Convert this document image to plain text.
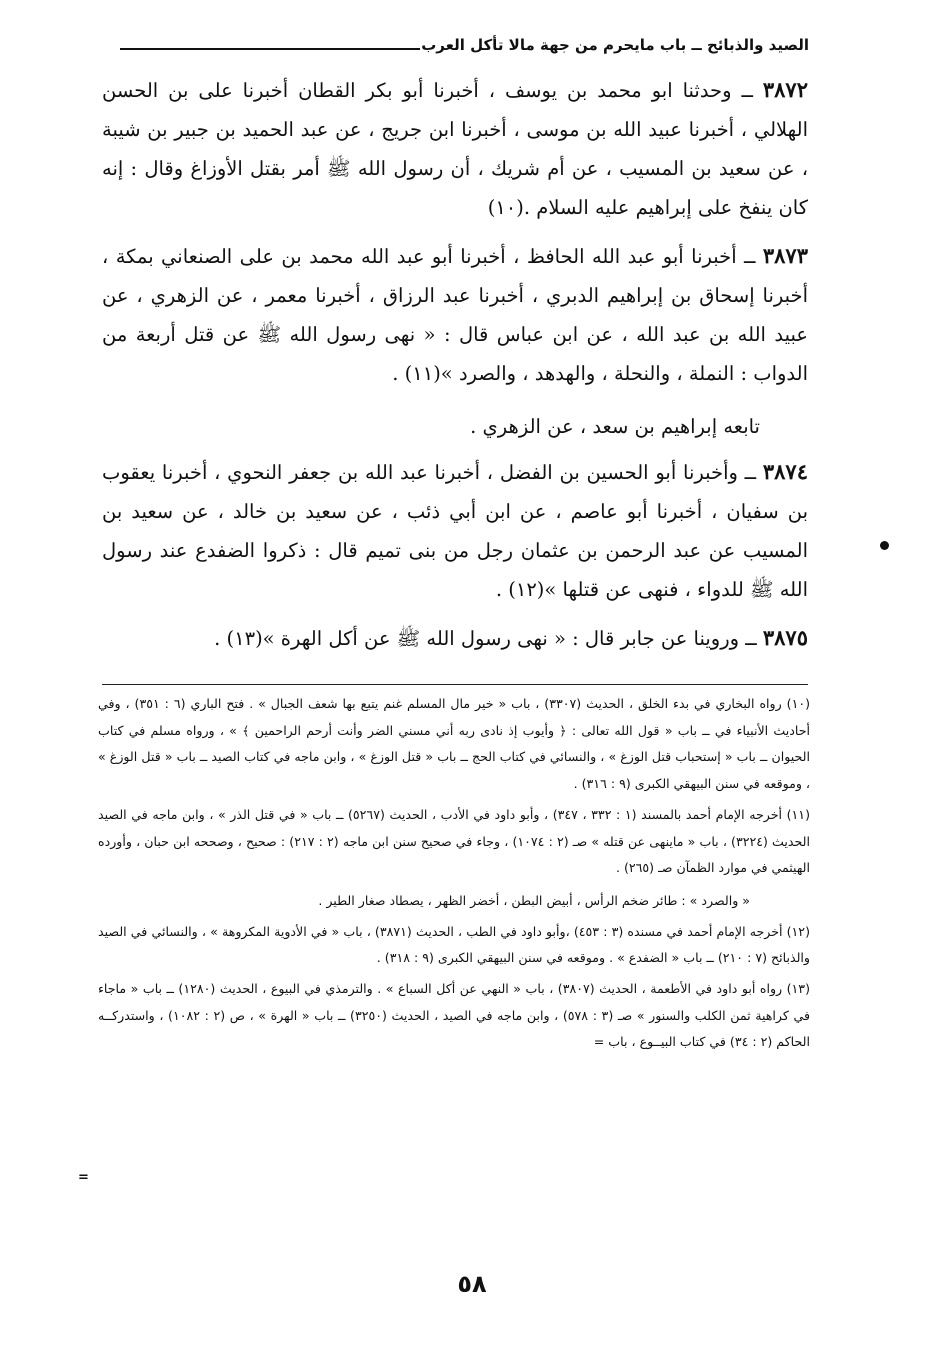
الصيد والذبائح ــ باب مايحرم من جهة مالا تأكل العرب

٣٨٧٢ ــ وحدثنا ابو محمد بن يوسف ، أخبرنا أبو بكر القطان أخبرنا على بن الحسن الهلالي ، أخبرنا عبيد الله بن موسى ، أخبرنا ابن جريج ، عن عبد الحميد بن جبير بن شيبة ، عن سعيد بن المسيب ، عن أم شريك ، أن رسول الله ﷺ أمر بقتل الأوزاغ وقال : إنه كان ينفخ على إبراهيم عليه السلام .(١٠)

٣٨٧٣ ــ أخبرنا أبو عبد الله الحافظ ، أخبرنا أبو عبد الله محمد بن على الصنعاني بمكة ، أخبرنا إسحاق بن إبراهيم الدبري ، أخبرنا عبد الرزاق ، أخبرنا معمر ، عن الزهري ، عن عبيد الله بن عبد الله ، عن ابن عباس قال : « نهى رسول الله ﷺ عن قتل أربعة من الدواب : النملة ، والنحلة ، والهدهد ، والصرد »(١١) .

تابعه إبراهيم بن سعد ، عن الزهري .

٣٨٧٤ ــ وأخبرنا أبو الحسين بن الفضل ، أخبرنا عبد الله بن جعفر النحوي ، أخبرنا يعقوب بن سفيان ، أخبرنا أبو عاصم ، عن ابن أبي ذئب ، عن سعيد بن خالد ، عن سعيد بن المسيب عن عبد الرحمن بن عثمان رجل من بنى تميم قال : ذكروا الضفدع عند رسول الله ﷺ للدواء ، فنهى عن قتلها »(١٢) .

٣٨٧٥ ــ وروينا عن جابر قال : « نهى رسول الله ﷺ عن أكل الهرة »(١٣) .

(١٠) رواه البخاري في بدء الخلق ، الحديث (٣٣٠٧) ، باب « خير مال المسلم غنم يتبع بها شعف الجبال » . فتح الباري (٦ : ٣٥١) ، وفي أحاديث الأنبياء في ــ باب « قول الله تعالى : ﴿ وأيوب إذ نادى ربه أني مسني الضر وأنت أرحم الراحمين ﴾ » ، ورواه مسلم في كتاب الحيوان ــ باب « إستحباب قتل الوزغ » ، والنسائي في كتاب الحج ــ باب « قتل الوزغ » ، وابن ماجه في كتاب الصيد ــ باب « قتل الوزغ » ، وموقعه في سنن البيهقي الكبرى (٩ : ٣١٦) .

(١١) أخرجه الإمام أحمد بالمسند (١ : ٣٣٢ ، ٣٤٧) ، وأبو داود في الأدب ، الحديث (٥٢٦٧) ــ باب « في قتل الذر » ، وابن ماجه في الصيد الحديث (٣٢٢٤) ، باب « ماينهى عن قتله » صـ (٢ : ١٠٧٤) ، وجاء في صحيح سنن ابن ماجه (٢ : ٢١٧) : صحيح ، وصححه ابن حبان ، وأورده الهيثمي في موارد الظمآن صـ (٢٦٥) .

« والصرد » : طائر ضخم الرأس ، أبيض البطن ، أخضر الظهر ، يصطاد صغار الطير .

(١٢) أخرجه الإمام أحمد في مسنده (٣ : ٤٥٣) ،وأبو داود في الطب ، الحديث (٣٨٧١) ، باب « في الأدوية المكروهة » ، والنسائي في الصيد والذبائح (٧ : ٢١٠) ــ باب « الضفدع » . وموقعه في سنن البيهقي الكبرى (٩ : ٣١٨) .

(١٣) رواه أبو داود في الأطعمة ، الحديث (٣٨٠٧) ، باب « النهي عن أكل السباع » . والترمذي في البيوع ، الحديث (١٢٨٠) ــ باب « ماجاء في كراهية ثمن الكلب والسنور » صـ (٣ : ٥٧٨) ، وابن ماجه في الصيد ، الحديث (٣٢٥٠) ــ باب « الهرة » ، ص (٢ : ١٠٨٢) ، واستدركــه الحاكم (٢ : ٣٤) في كتاب البيــوع ، باب =

=
٥٨
